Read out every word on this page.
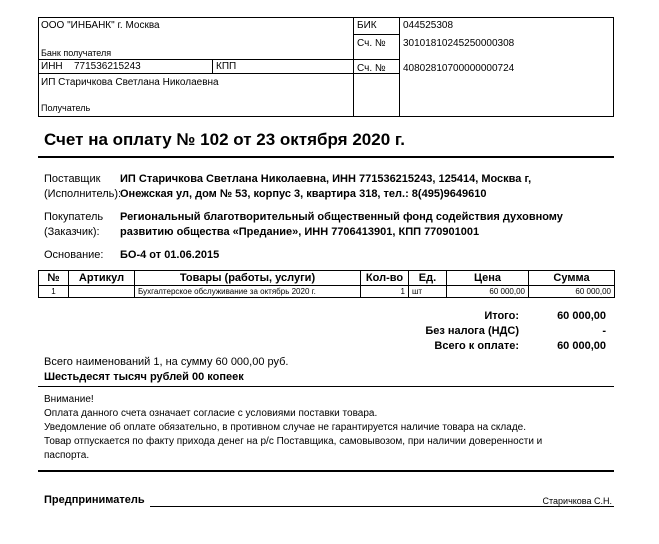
ООО "ИНБАНК" г. Москва
Банк получателя
БИК	044525308
Сч. № 30101810245250000308
ИНН 771536215243	КПП	Сч. № 40802810700000000724
ИП Старичкова Светлана Николаевна
Получатель
Счет на оплату № 102 от 23 октября 2020 г.
Поставщик
(Исполнитель):
ИП Старичкова Светлана Николаевна, ИНН 771536215243, 125414, Москва г,
Онежская ул, дом № 53, корпус 3, квартира 318, тел.: 8(495)9649610
Покупатель
(Заказчик):
Региональный благотворительный общественный фонд содействия духовному
развитию общества «Предание», ИНН 7706413901, КПП 770901001
Основание: БО-4 от 01.06.2015
№	Артикул	Товары (работы, услуги)	Кол-во	Ед.	Цена	Сумма
1		Бухгалтерское обслуживание за октябрь 2020 г.	1	шт	60 000,00	60 000,00
Итого:	60 000,00
Без налога (НДС)	-
Всего к оплате:	60 000,00
Всего наименований 1, на сумму 60 000,00 руб.
Шестьдесят тысяч рублей 00 копеек
Внимание!
Оплата данного счета означает согласие с условиями поставки товара.
Уведомление об оплате обязательно, в противном случае не гарантируется наличие товара на складе.
Товар отпускается по факту прихода денег на р/с Поставщика, самовывозом, при наличии доверенности и
паспорта.
Предприниматель	Старичкова С.Н.
